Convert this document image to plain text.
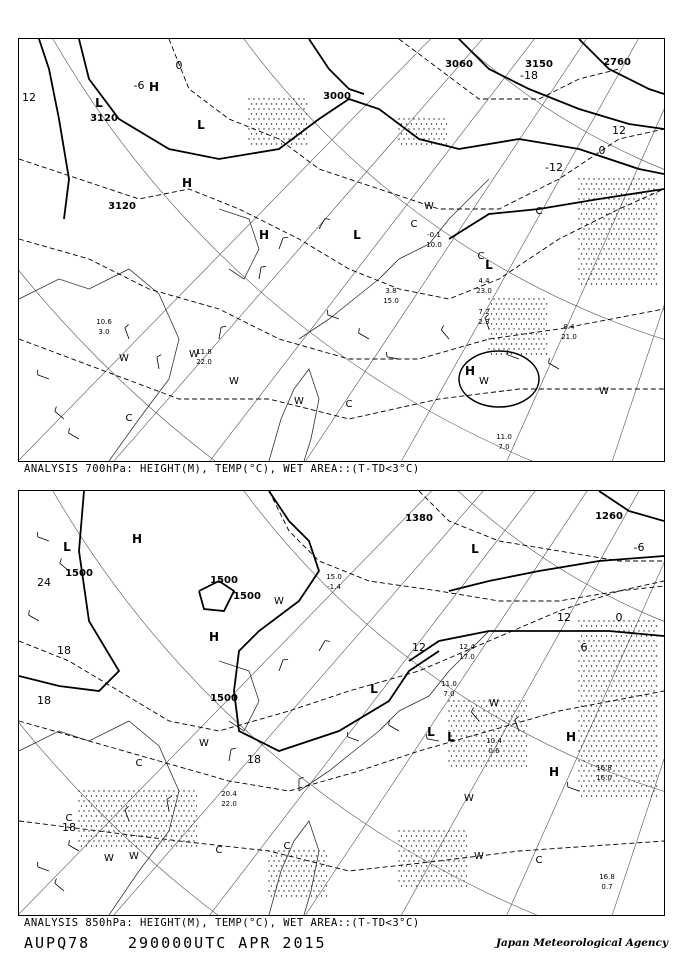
3120
3120
3000
2760
3150
3060
H
H
H
L
L
L
L
H
0
-6
12
-12
-18
12
0
W	W
W
W
W
C
C
C
C
W
W
C
11.0
7.0
8.4
21.0
7.2
2.3
11.8
22.0
10.6
3.0
-0.1
10.0
4.4
23.0
3.8
15.0
ANALYSIS 700hPa: HEIGHT(M), TEMP(°C), WET AREA::(T-TD<3°C)
1500
1500
1500
1500
1380	1260
H
H
H
L	L
L
L	H
L
24
18
18
12
6
0
-6
18
18
12
W W
W
W
W
C
C	C
C
W
C
W
16.8
16.0
16.8
0.7
12.4
17.0
11.0
7.0
10.4
0.6
20.4
22.0
15.0
-1.4
ANALYSIS 850hPa: HEIGHT(M), TEMP(°C), WET AREA::(T-TD<3°C)
AUPQ78	290000UTC APR 2015	Japan Meteorological Agency
